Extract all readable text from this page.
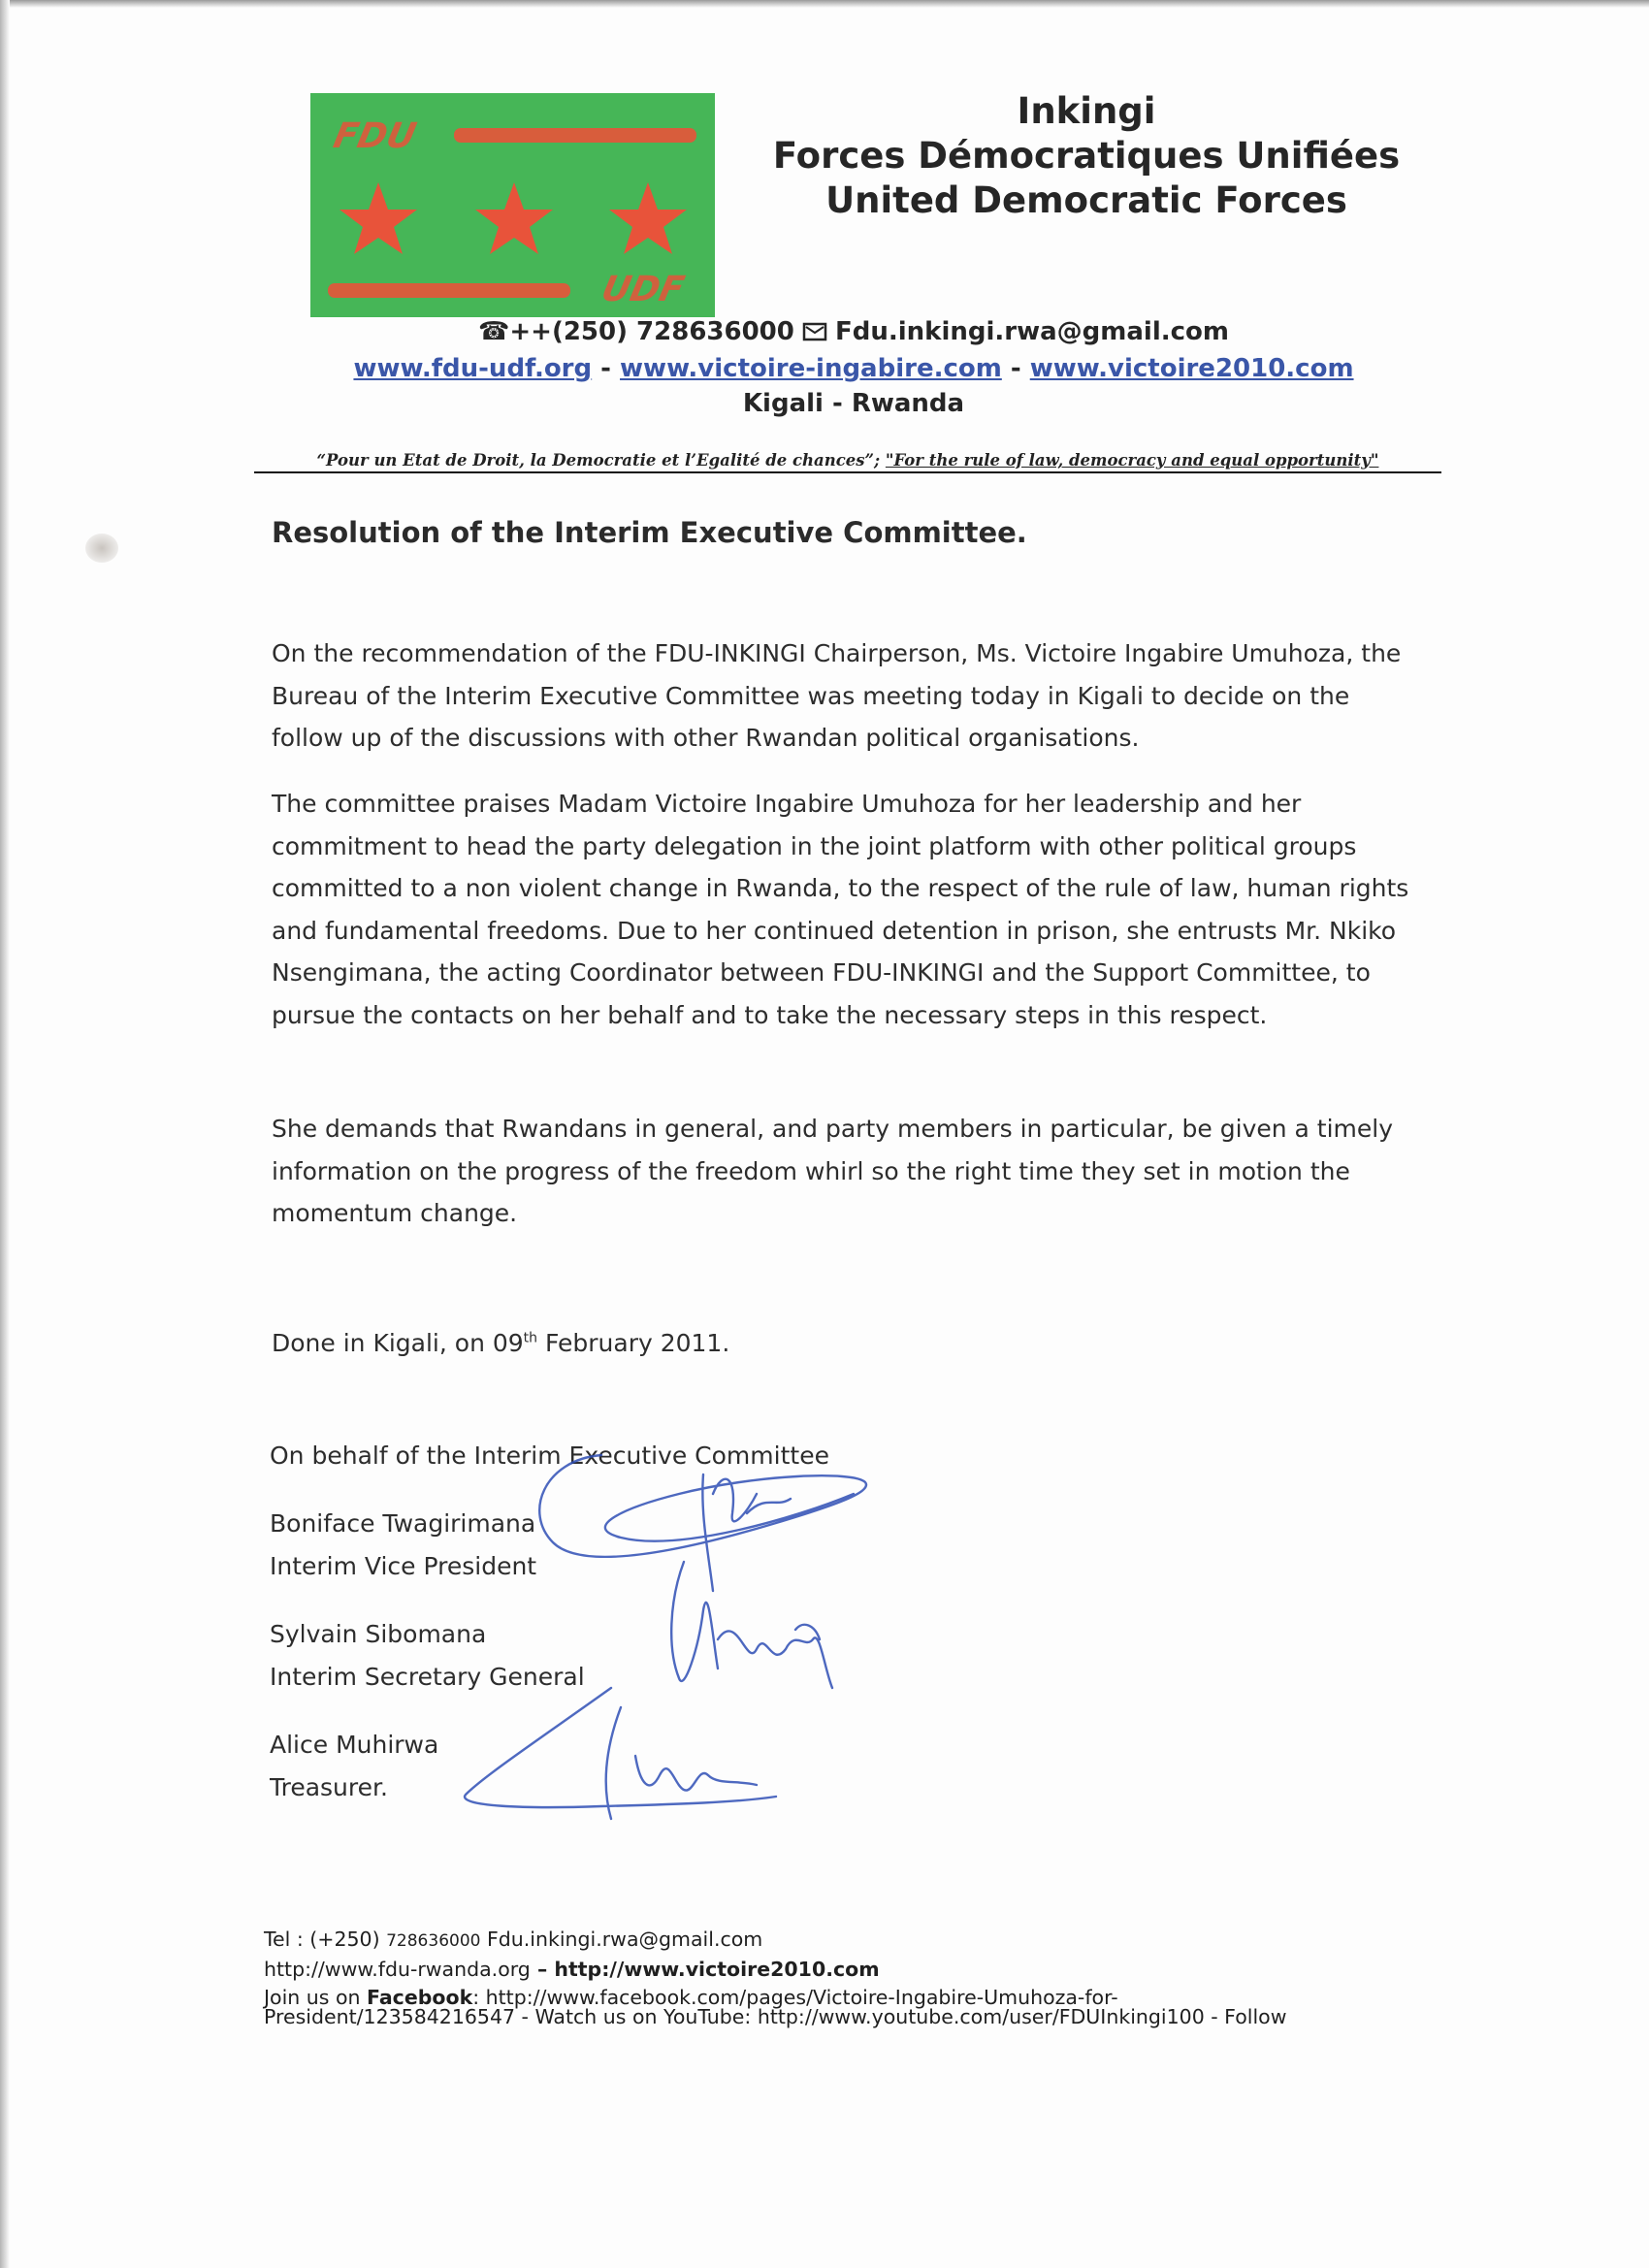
FDU
UDF
Inkingi
Forces Démocratiques Unifiées
United Democratic Forces
☎++(250) 728636000 Fdu.inkingi.rwa@gmail.com
www.fdu-udf.org - www.victoire-ingabire.com - www.victoire2010.com
Kigali - Rwanda
“Pour un Etat de Droit, la Democratie et l’Egalité de chances”; "For the rule of law, democracy and equal opportunity"
Resolution of the Interim Executive Committee.

On the recommendation of the FDU-INKINGI Chairperson, Ms. Victoire Ingabire Umuhoza, the Bureau of the Interim Executive Committee was meeting today in Kigali to decide on the follow up of the discussions with other Rwandan political organisations.

The committee praises Madam Victoire Ingabire Umuhoza for her leadership and her commitment to head the party delegation in the joint platform with other political groups committed to a non violent change in Rwanda, to the respect of the rule of law, human rights and fundamental freedoms. Due to her continued detention in prison, she entrusts Mr. Nkiko Nsengimana, the acting Coordinator between FDU-INKINGI and the Support Committee, to pursue the contacts on her behalf and to take the necessary steps in this respect.

She demands that Rwandans in general, and party members in particular, be given a timely information on the progress of the freedom whirl so the right time they set in motion the momentum change.

Done in Kigali, on 09th February 2011.
On behalf of the Interim Executive Committee
Boniface Twagirimana
Interim Vice President
Sylvain Sibomana
Interim Secretary General
Alice Muhirwa
Treasurer.
Tel : (+250) 728636000 Fdu.inkingi.rwa@gmail.com
http://www.fdu-rwanda.org – http://www.victoire2010.com
Join us on Facebook: http://www.facebook.com/pages/Victoire-Ingabire-Umuhoza-for-
President/123584216547 - Watch us on YouTube: http://www.youtube.com/user/FDUInkingi100 - Follow
